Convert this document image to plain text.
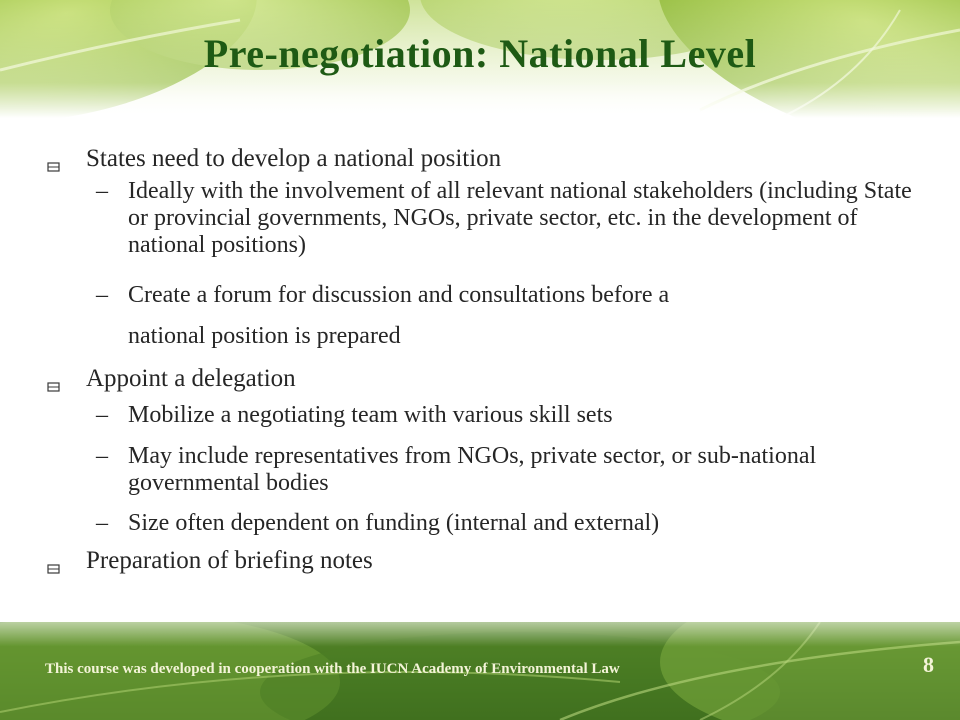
Pre-negotiation: National Level
States need to develop a national position
– Ideally with the involvement of all relevant national stakeholders (including State or provincial governments, NGOs, private sector, etc. in the development of national positions)
– Create a forum for discussion and consultations before a
national position is prepared
Appoint a delegation
– Mobilize a negotiating team with various skill sets
– May include representatives from NGOs, private sector, or sub-national governmental bodies
– Size often dependent on funding (internal and external)
Preparation of briefing notes
This course was developed in cooperation with the IUCN Academy of Environmental Law	8
